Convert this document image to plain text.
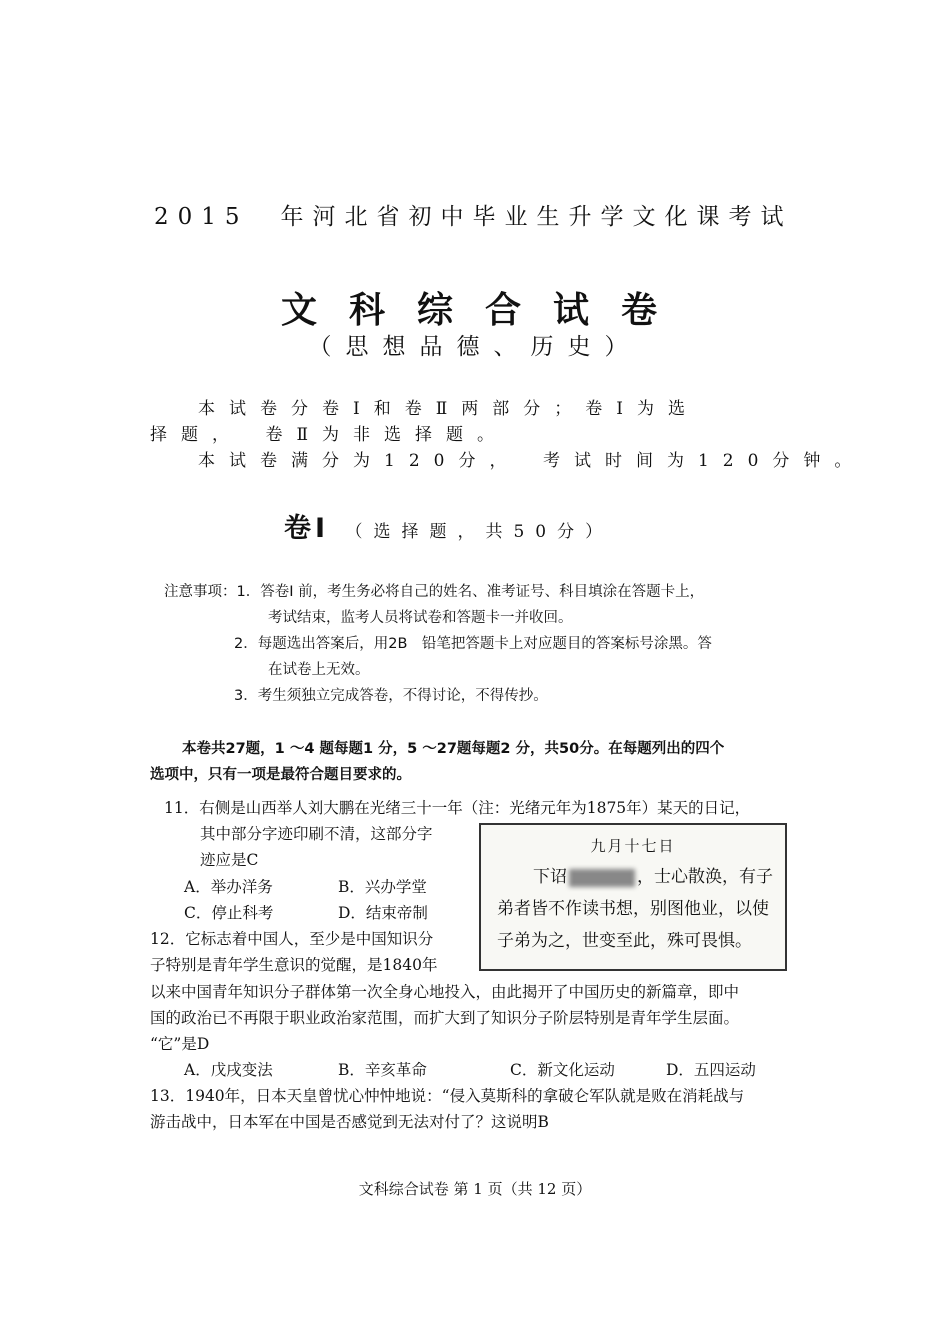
2015　年河北省初中毕业生升学文化课考试
文科综合试卷
（思想品德、历史）
本试卷分卷Ⅰ和卷Ⅱ两部分；卷Ⅰ为选
择题，　卷Ⅱ为非选择题。
本试卷满分为120分，　考试时间为120分钟。
卷Ⅰ （选择题，共50分）
注意事项：1．答卷Ⅰ 前，考生务必将自己的姓名、准考证号、科目填涂在答题卡上，
考试结束，监考人员将试卷和答题卡一并收回。
2．每题选出答案后，用2B　铅笔把答题卡上对应题目的答案标号涂黑。答
在试卷上无效。
3．考生须独立完成答卷，不得讨论，不得传抄。
本卷共27题，1 ～4 题每题1 分，5 ～27题每题2 分，共50分。在每题列出的四个
选项中，只有一项是最符合题目要求的。
11．右侧是山西举人刘大鹏在光绪三十一年（注：光绪元年为1875年）某天的日记，
其中部分字迹印刷不清，这部分字
迹应是C
A．举办洋务	B．兴办学堂
C．停止科考	D．结束帝制
九月十七日
下诏	，士心散涣，有子
弟者皆不作读书想，别图他业，以使
子弟为之，世变至此，殊可畏惧。
12．它标志着中国人，至少是中国知识分
子特别是青年学生意识的觉醒，是1840年
以来中国青年知识分子群体第一次全身心地投入，由此揭开了中国历史的新篇章，即中
国的政治已不再限于职业政治家范围，而扩大到了知识分子阶层特别是青年学生层面。
“它”是D
A．戊戌变法	B．辛亥革命	C．新文化运动	D．五四运动
13．1940年，日本天皇曾忧心忡忡地说：“侵入莫斯科的拿破仑军队就是败在消耗战与
游击战中，日本军在中国是否感觉到无法对付了？这说明B
文科综合试卷 第 1 页（共 12 页）
